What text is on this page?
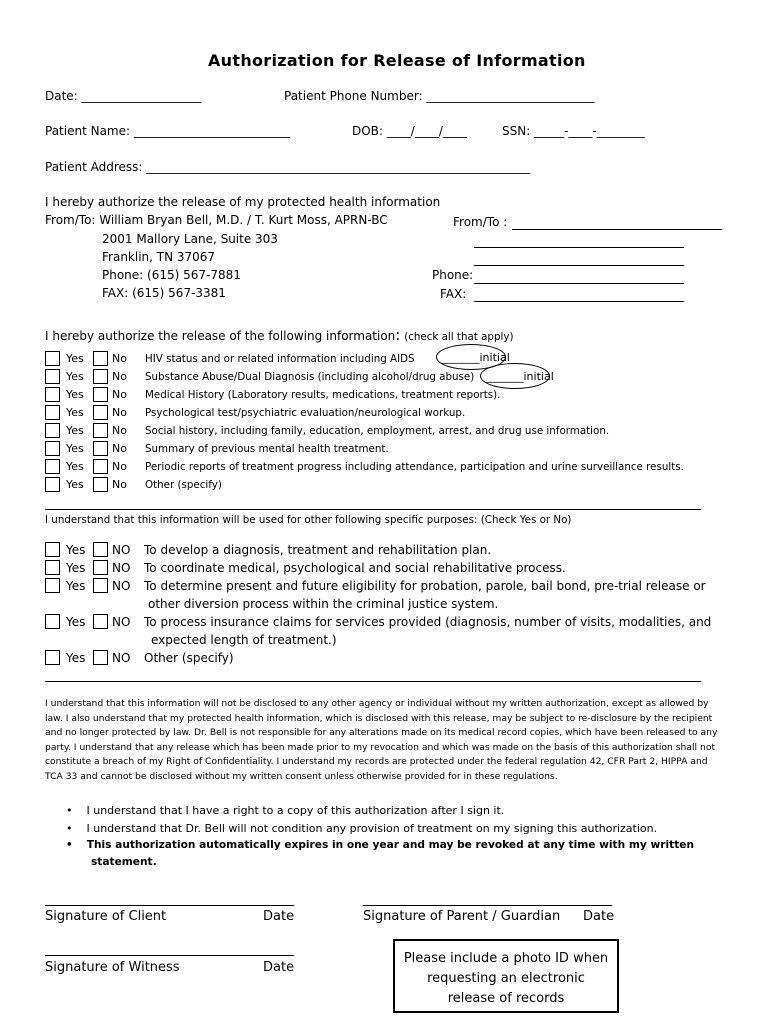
Authorization for Release of Information
Date: ____________________	Patient Phone Number: ____________________________
Patient Name: __________________________	DOB: ____/____/____	SSN: _____-____-________
Patient Address: ________________________________________________________________
I hereby authorize the release of my protected health information
From/To: William Bryan Bell, M.D. / T. Kurt Moss, APRN-BC
2001 Mallory Lane, Suite 303
Franklin, TN 37067
Phone: (615) 567-7881
FAX: (615) 567-3381
From/To :
Phone:
FAX:
I hereby authorize the release of the following information: (check all that apply)
Yes	No HIV status and or related information including AIDS _______initial
Yes	No Substance Abuse/Dual Diagnosis (including alcohol/drug abuse) _______initial
Yes	No Medical History (Laboratory results, medications, treatment reports).
Yes	No Psychological test/psychiatric evaluation/neurological workup.
Yes	No Social history, including family, education, employment, arrest, and drug use information.
Yes	No Summary of previous mental health treatment.
Yes	No Periodic reports of treatment progress including attendance, participation and urine surveillance results.
Yes	No Other (specify)
I understand that this information will be used for other following specific purposes: (Check Yes or No)
Yes NO To develop a diagnosis, treatment and rehabilitation plan.
Yes NO To coordinate medical, psychological and social rehabilitative process.
Yes NO To determine present and future eligibility for probation, parole, bail bond, pre-trial release or
other diversion process within the criminal justice system.
Yes NO To process insurance claims for services provided (diagnosis, number of visits, modalities, and
expected length of treatment.)
Yes NO Other (specify)
I understand that this information will not be disclosed to any other agency or individual without my written authorization, except as allowed by law. I also understand that my protected health information, which is disclosed with this release, may be subject to re-disclosure by the recipient and no longer protected by law. Dr. Bell is not responsible for any alterations made on its medical record copies, which have been released to any party. I understand that any release which has been made prior to my revocation and which was made on the basis of this authorization shall not constitute a breach of my Right of Confidentiality. I understand my records are protected under the federal regulation 42, CFR Part 2, HIPPA and TCA 33 and cannot be disclosed without my written consent unless otherwise provided for in these regulations.
• I understand that I have a right to a copy of this authorization after I sign it.
• I understand that Dr. Bell will not condition any provision of treatment on my signing this authorization.
• This authorization automatically expires in one year and may be revoked at any time with my written
statement.
Signature of Client	Date	Signature of Parent / Guardian Date
Signature of Witness	Date
Please include a photo ID when
requesting an electronic
release of records
